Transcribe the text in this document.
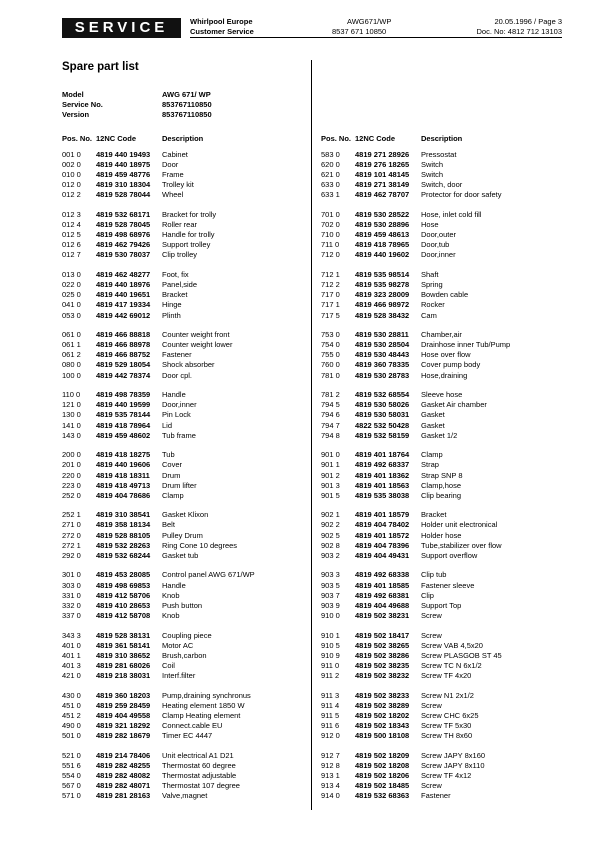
SERVICE	Whirlpool Europe
Customer Service
AWG671/WP
8537 671 10850
20.05.1996 / Page 3
Doc. No: 4812 712 13103
Spare part list
Model	AWG 671/ WP
Service No.	853767110850
Version	853767110850
Pos. No. 12NC Code	Description
001 0	4819 440 19493	Cabinet
002 0	4819 440 18975	Door
010 0	4819 459 48776	Frame
012 0	4819 310 18304	Trolley kit
012 2	4819 528 78044	Wheel
012 3	4819 532 68171	Bracket for trolly
012 4	4819 528 78045	Roller rear
012 5	4819 498 68976	Handle for trolly
012 6	4819 462 79426	Support trolley
012 7	4819 530 78037	Clip trolley
013 0	4819 462 48277	Foot, fix
022 0	4819 440 18976	Panel,side
025 0	4819 440 19651	Bracket
041 0	4819 417 19334	Hinge
053 0	4819 442 69012	Plinth
061 0	4819 466 88818	Counter weight front
061 1	4819 466 88978	Counter weight lower
061 2	4819 466 88752	Fastener
080 0	4819 529 18054	Shock absorber
100 0	4819 442 78374	Door cpl.
110 0	4819 498 78359	Handle
121 0	4819 440 19599	Door,inner
130 0	4819 535 78144	Pin Lock
141 0	4819 418 78964	Lid
143 0	4819 459 48602	Tub frame
200 0	4819 418 18275	Tub
201 0	4819 440 19606	Cover
220 0	4819 418 18311	Drum
223 0	4819 418 49713	Drum lifter
252 0	4819 404 78686	Clamp
252 1	4819 310 38541	Gasket Klixon
271 0	4819 358 18134	Belt
272 0	4819 528 88105	Pulley Drum
272 1	4819 532 28263	Ring Cone 10 degrees
292 0	4819 532 68244	Gasket tub
301 0	4819 453 28085	Control panel AWG 671/WP
303 0	4819 498 69853	Handle
331 0	4819 412 58706	Knob
332 0	4819 410 28653	Push button
337 0	4819 412 58708	Knob
343 3	4819 528 38131	Coupling piece
401 0	4819 361 58141	Motor AC
401 1	4819 310 38652	Brush,carbon
401 3	4819 281 68026	Coil
421 0	4819 218 38031	Interf.filter
430 0	4819 360 18203	Pump,draining synchronus
451 0	4819 259 28459	Heating element 1850 W
451 2	4819 404 49558	Clamp Heating element
490 0	4819 321 18292	Connect.cable EU
501 0	4819 282 18679	Timer EC 4447
521 0	4819 214 78406	Unit electrical A1 D21
551 6	4819 282 48255	Thermostat 60 degree
554 0	4819 282 48082	Thermostat adjustable
567 0	4819 282 48071	Thermostat 107 degree
571 0	4819 281 28163	Valve,magnet
Pos. No. 12NC Code	Description
583 0	4819 271 28926	Pressostat
620 0	4819 276 18265	Switch
621 0	4819 101 48145	Switch
633 0	4819 271 38149	Switch, door
633 1	4819 462 78707	Protector for door safety
701 0	4819 530 28522	Hose, inlet cold fill
702 0	4819 530 28896	Hose
710 0	4819 459 48613	Door,outer
711 0	4819 418 78965	Door,tub
712 0	4819 440 19602	Door,inner
712 1	4819 535 98514	Shaft
712 2	4819 535 98278	Spring
717 0	4819 323 28009	Bowden cable
717 1	4819 466 98972	Rocker
717 5	4819 528 38432	Cam
753 0	4819 530 28811	Chamber,air
754 0	4819 530 28504	Drainhose inner Tub/Pump
755 0	4819 530 48443	Hose over flow
760 0	4819 360 78335	Cover pump body
781 0	4819 530 28783	Hose,draining
781 2	4819 532 68554	Sleeve hose
794 5	4819 530 58026	Gasket Air chamber
794 6	4819 530 58031	Gasket
794 7	4822 532 50428	Gasket
794 8	4819 532 58159	Gasket 1/2
901 0	4819 401 18764	Clamp
901 1	4819 492 68337	Strap
901 2	4819 401 18362	Strap SNP 8
901 3	4819 401 18563	Clamp,hose
901 5	4819 535 38038	Clip bearing
902 1	4819 401 18579	Bracket
902 2	4819 404 78402	Holder unit electronical
902 5	4819 401 18572	Holder hose
902 8	4819 404 78396	Tube,stabilizer over flow
903 2	4819 404 49431	Support overflow
903 3	4819 492 68338	Clip tub
903 5	4819 401 18585	Fastener sleeve
903 7	4819 492 68381	Clip
903 9	4819 404 49688	Support Top
910 0	4819 502 38231	Screw
910 1	4819 502 18417	Screw
910 5	4819 502 38265	Screw VAB 4,5x20
910 9	4819 502 38286	Screw PLASGOB ST 45
911 0	4819 502 38235	Screw TC N 6x1/2
911 2	4819 502 38232	Screw TF 4x20
911 3	4819 502 38233	Screw N1 2x1/2
911 4	4819 502 38289	Screw
911 5	4819 502 18202	Screw CHC 6x25
911 6	4819 502 18343	Screw TF 5x30
912 0	4819 500 18108	Screw TH 8x60
912 7	4819 502 18209	Screw JAPY 8x160
912 8	4819 502 18208	Screw JAPY 8x110
913 1	4819 502 18206	Screw TF 4x12
913 4	4819 502 18485	Screw
914 0	4819 532 68363	Fastener
